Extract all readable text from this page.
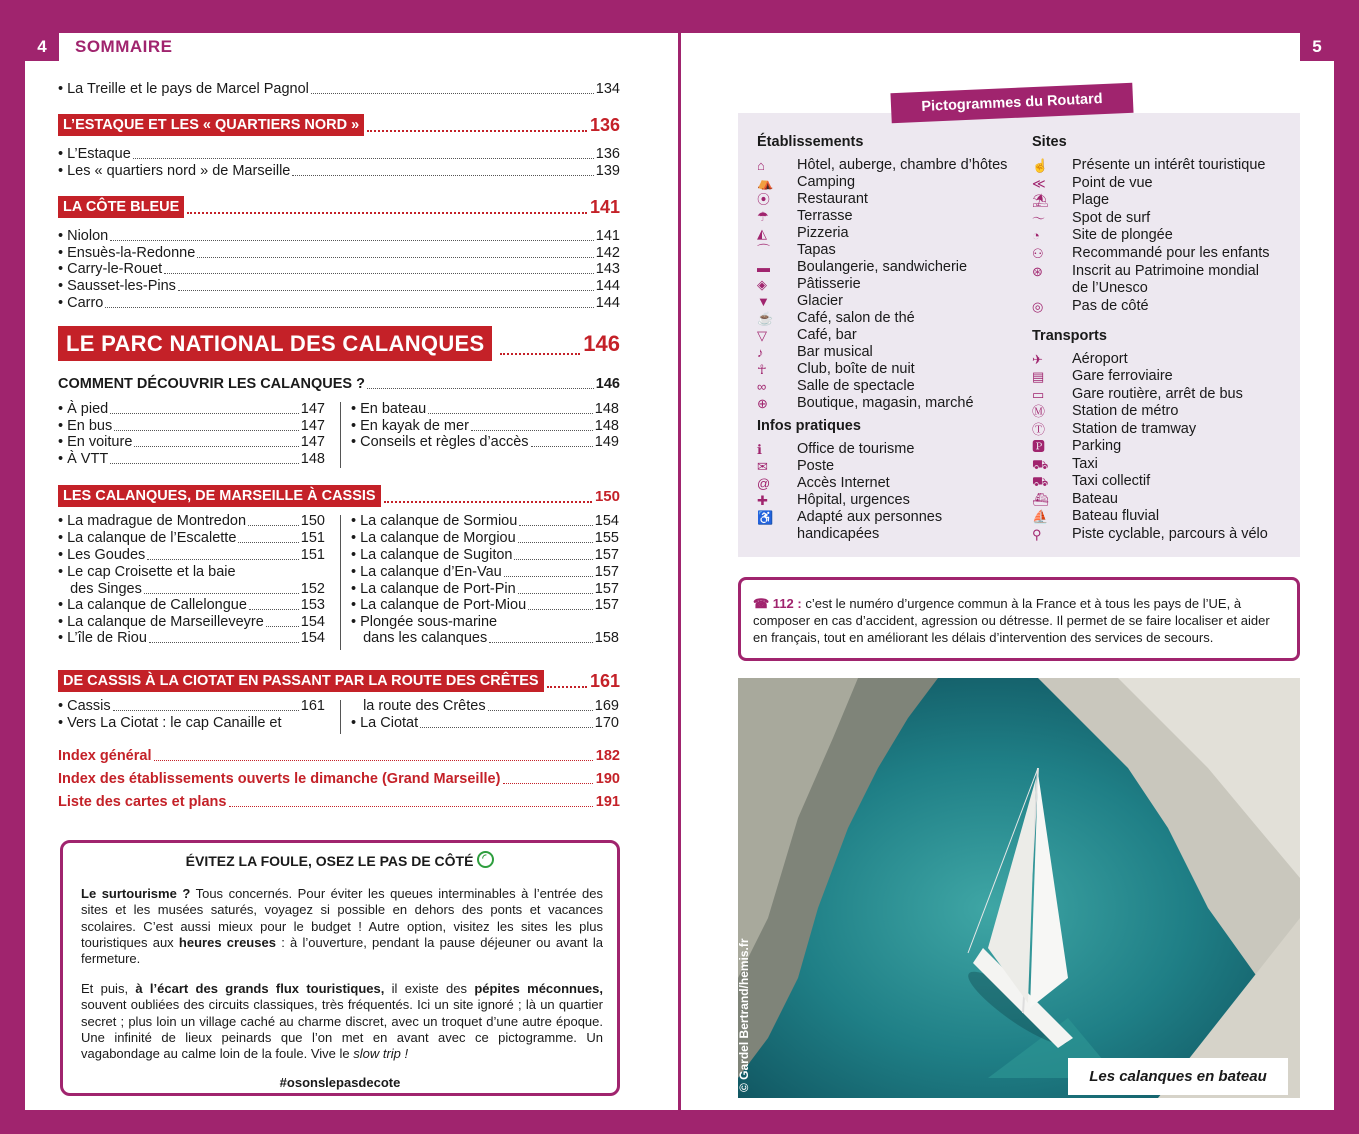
4	SOMMAIRE	5
• La Treille et le pays de Marcel Pagnol	134
L’ESTAQUE ET LES « QUARTIERS NORD »	136
• L’Estaque	136
• Les « quartiers nord » de Marseille	139
LA CÔTE BLEUE	141
• Niolon	141
• Ensuès-la-Redonne	142
• Carry-le-Rouet	143
• Sausset-les-Pins	144
• Carro	144
LE PARC NATIONAL DES CALANQUES	146
COMMENT DÉCOUVRIR LES CALANQUES ?	146
• À pied	147
• En bus	147
• En voiture	147
• À VTT	148
• En bateau	148
• En kayak de mer	148
• Conseils et règles d’accès	149
LES CALANQUES, DE MARSEILLE À CASSIS	150
• La madrague de Montredon	150
• La calanque de l’Escalette	151
• Les Goudes	151
• Le cap Croisette et la baie
des Singes	152
• La calanque de Callelongue	153
• La calanque de Marseilleveyre	154
• L’île de Riou	154
• La calanque de Sormiou	154
• La calanque de Morgiou	155
• La calanque de Sugiton	157
• La calanque d’En-Vau	157
• La calanque de Port-Pin	157
• La calanque de Port-Miou	157
• Plongée sous-marine
dans les calanques	158
DE CASSIS À LA CIOTAT EN PASSANT PAR LA ROUTE DES CRÊTES	161
• Cassis	161
• Vers La Ciotat : le cap Canaille et
la route des Crêtes	169
• La Ciotat	170
Index général	182
Index des établissements ouverts le dimanche (Grand Marseille)	190
Liste des cartes et plans	191
ÉVITEZ LA FOULE, OSEZ LE PAS DE CÔTÉ ◜
Le surtourisme ? Tous concernés. Pour éviter les queues interminables à l’entrée des sites et les musées saturés, voyagez si possible en dehors des ponts et vacances scolaires. C’est aussi mieux pour le budget ! Autre option, visitez les sites les plus touristiques aux heures creuses : à l’ouverture, pendant la pause déjeuner ou avant la fermeture.
Et puis, à l’écart des grands flux touristiques, il existe des pépites méconnues, souvent oubliées des circuits classiques, très fréquentés. Ici un site ignoré ; là un quartier secret ; plus loin un village caché au charme discret, avec un troquet d’une autre époque. Une infinité de lieux peinards que l’on met en avant avec ce pictogramme. Un vagabondage au calme loin de la foule. Vive le slow trip !
#osonslepasdecote
Pictogrammes du Routard
Établissements
⌂	Hôtel, auberge, chambre d’hôtes
⛺	Camping
⦿	Restaurant
☂	Terrasse
◭	Pizzeria
⌒	Tapas
▬	Boulangerie, sandwicherie
◈	Pâtisserie
▼	Glacier
☕	Café, salon de thé
▽	Café, bar
♪	Bar musical
☥	Club, boîte de nuit
∞	Salle de spectacle
⊕	Boutique, magasin, marché
Infos pratiques
ℹ	Office de tourisme
✉	Poste
@	Accès Internet
✚	Hôpital, urgences
♿	Adapté aux personnes
handicapées
Sites
☝	Présente un intérêt touristique
≪	Point de vue
⛱	Plage
〜	Spot de surf
◔	Site de plongée
⚇	Recommandé pour les enfants
⊛	Inscrit au Patrimoine mondial
de l’Unesco
◎	Pas de côté
Transports
✈	Aéroport
▤	Gare ferroviaire
▭	Gare routière, arrêt de bus
Ⓜ	Station de métro
Ⓣ	Station de tramway
🅿	Parking
⛟	Taxi
⛟	Taxi collectif
⛴	Bateau
⛵	Bateau fluvial
⚲	Piste cyclable, parcours à vélo
☎ 112 : c’est le numéro d’urgence commun à la France et à tous les pays de l’UE, à composer en cas d’accident, agression ou détresse. Il permet de se faire localiser et aider en français, tout en améliorant les délais d’intervention des services de secours.
© Gardel Bertrand/hemis.fr	Les calanques en bateau
